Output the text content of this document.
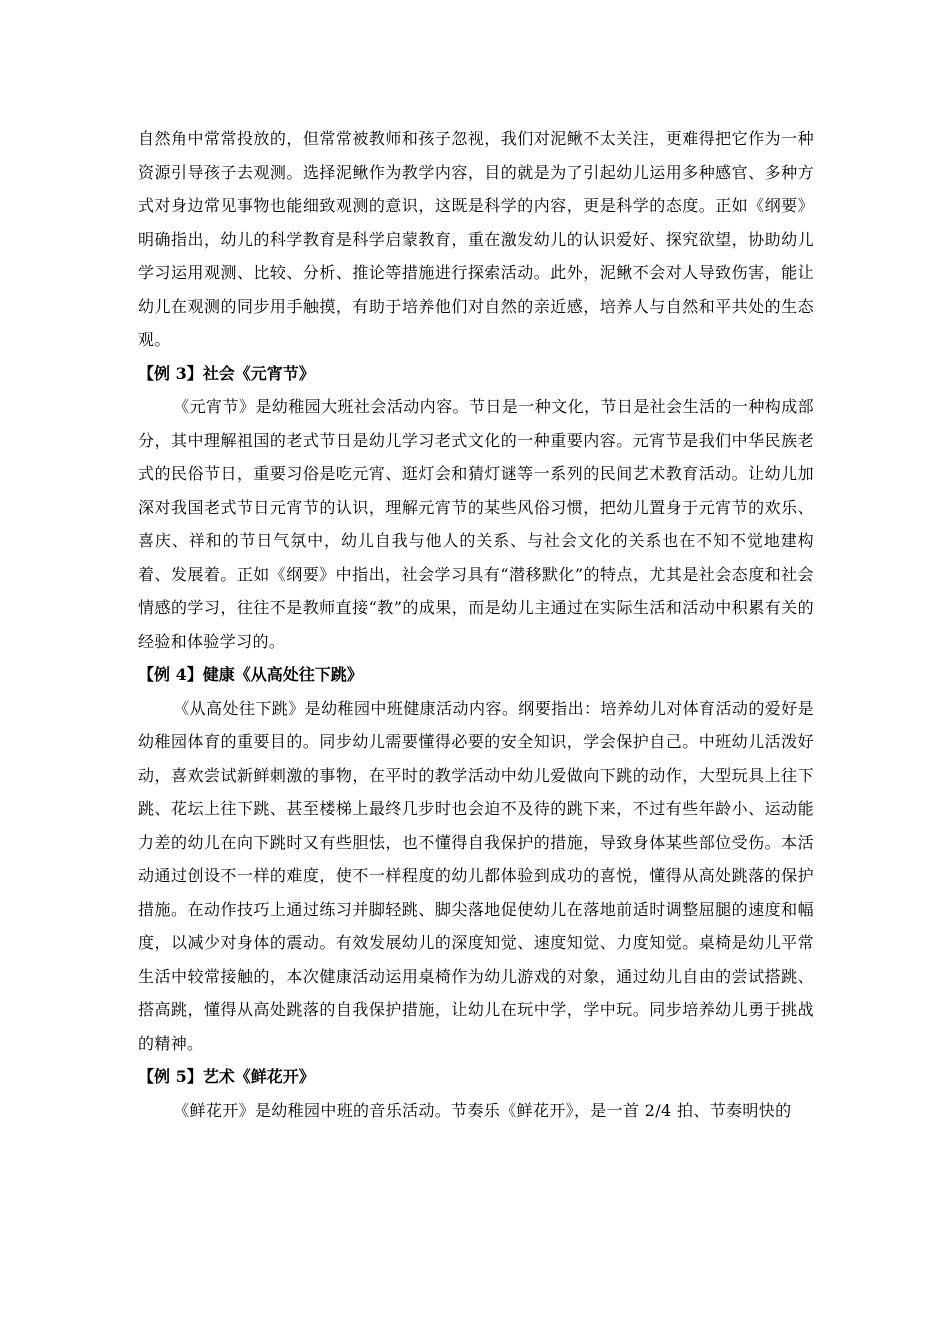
自然角中常常投放的，但常常被教师和孩子忽视，我们对泥鳅不太关注，更难得把它作为一种资源引导孩子去观测。选择泥鳅作为教学内容，目的就是为了引起幼儿运用多种感官、多种方式对身边常见事物也能细致观测的意识，这既是科学的内容，更是科学的态度。正如《纲要》明确指出，幼儿的科学教育是科学启蒙教育，重在激发幼儿的认识爱好、探究欲望，协助幼儿学习运用观测、比较、分析、推论等措施进行探索活动。此外，泥鳅不会对人导致伤害，能让幼儿在观测的同步用手触摸，有助于培养他们对自然的亲近感，培养人与自然和平共处的生态观。

【例 3】社会《元宵节》

《元宵节》是幼稚园大班社会活动内容。节日是一种文化，节日是社会生活的一种构成部分，其中理解祖国的老式节日是幼儿学习老式文化的一种重要内容。元宵节是我们中华民族老式的民俗节日，重要习俗是吃元宵、逛灯会和猜灯谜等一系列的民间艺术教育活动。让幼儿加深对我国老式节日元宵节的认识，理解元宵节的某些风俗习惯，把幼儿置身于元宵节的欢乐、喜庆、祥和的节日气氛中，幼儿自我与他人的关系、与社会文化的关系也在不知不觉地建构着、发展着。正如《纲要》中指出，社会学习具有“潜移默化”的特点，尤其是社会态度和社会情感的学习，往往不是教师直接“教”的成果，而是幼儿主通过在实际生活和活动中积累有关的经验和体验学习的。

【例 4】健康《从高处往下跳》

《从高处往下跳》是幼稚园中班健康活动内容。纲要指出：培养幼儿对体育活动的爱好是幼稚园体育的重要目的。同步幼儿需要懂得必要的安全知识，学会保护自己。中班幼儿活泼好动，喜欢尝试新鲜刺激的事物，在平时的教学活动中幼儿爱做向下跳的动作，大型玩具上往下跳、花坛上往下跳、甚至楼梯上最终几步时也会迫不及待的跳下来，不过有些年龄小、运动能力差的幼儿在向下跳时又有些胆怯，也不懂得自我保护的措施，导致身体某些部位受伤。本活动通过创设不一样的难度，使不一样程度的幼儿都体验到成功的喜悦，懂得从高处跳落的保护措施。在动作技巧上通过练习并脚轻跳、脚尖落地促使幼儿在落地前适时调整屈腿的速度和幅度，以减少对身体的震动。有效发展幼儿的深度知觉、速度知觉、力度知觉。桌椅是幼儿平常生活中较常接触的，本次健康活动运用桌椅作为幼儿游戏的对象，通过幼儿自由的尝试搭跳、搭高跳，懂得从高处跳落的自我保护措施，让幼儿在玩中学，学中玩。同步培养幼儿勇于挑战的精神。

【例 5】艺术《鲜花开》

《鲜花开》是幼稚园中班的音乐活动。节奏乐《鲜花开》，是一首 2/4 拍、节奏明快的
